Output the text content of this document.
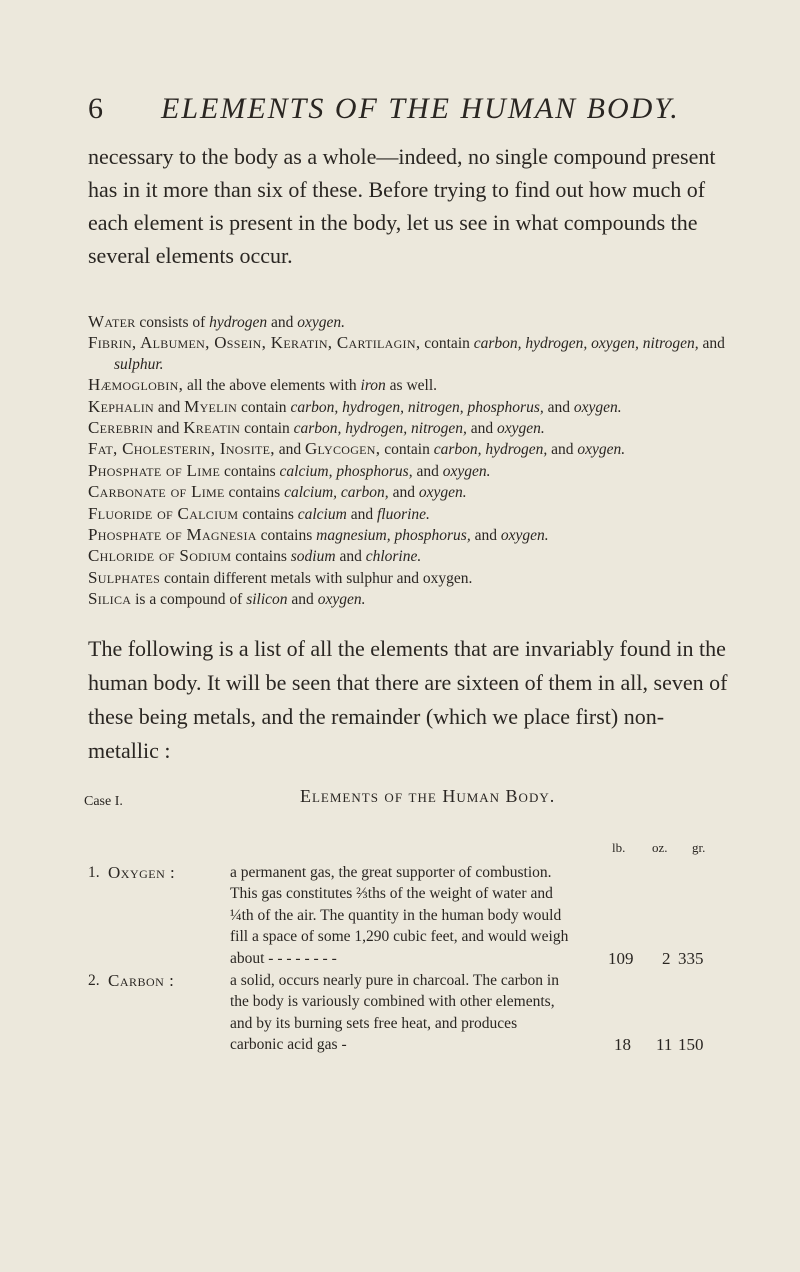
6 ELEMENTS OF THE HUMAN BODY.

necessary to the body as a whole—indeed, no single compound present has in it more than six of these. Before trying to find out how much of each element is present in the body, let us see in what compounds the several elements occur.

Water consists of hydrogen and oxygen.
Fibrin, Albumen, Ossein, Keratin, Cartilagin, contain carbon, hydrogen, oxygen, nitrogen, and sulphur.
Hæmoglobin, all the above elements with iron as well.
Kephalin and Myelin contain carbon, hydrogen, nitrogen, phosphorus, and oxygen.
Cerebrin and Kreatin contain carbon, hydrogen, nitrogen, and oxygen.
Fat, Cholesterin, Inosite, and Glycogen, contain carbon, hydrogen, and oxygen.
Phosphate of Lime contains calcium, phosphorus, and oxygen.
Carbonate of Lime contains calcium, carbon, and oxygen.
Fluoride of Calcium contains calcium and fluorine.
Phosphate of Magnesia contains magnesium, phosphorus, and oxygen.
Chloride of Sodium contains sodium and chlorine.
Sulphates contain different metals with sulphur and oxygen.
Silica is a compound of silicon and oxygen.

The following is a list of all the elements that are invariably found in the human body. It will be seen that there are sixteen of them in all, seven of these being metals, and the remainder (which we place first) non-metallic :

Case I.	Elements of the Human Body.
lb. oz. gr.
1. Oxygen :	a permanent gas, the great supporter of combustion. This gas constitutes ⅔ths of the weight of water and ¼th of the air. The quantity in the human body would fill a space of some 1,290 cubic feet, and would weigh about - - - - - - - -	109 2 335
2. Carbon :	a solid, occurs nearly pure in charcoal. The carbon in the body is variously combined with other elements, and by its burning sets free heat, and produces carbonic acid gas -	18 11 150
